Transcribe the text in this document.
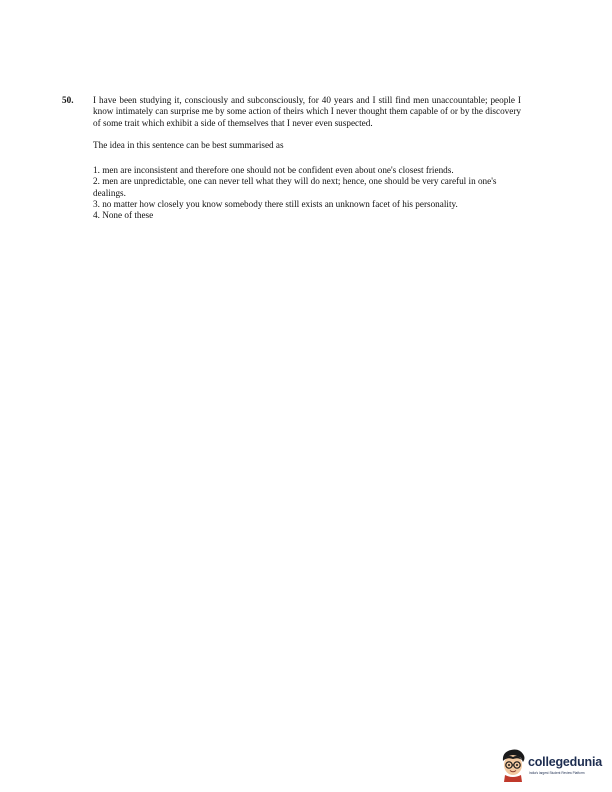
50. I have been studying it, consciously and subconsciously, for 40 years and I still find men unaccountable; people I know intimately can surprise me by some action of theirs which I never thought them capable of or by the discovery of some trait which exhibit a side of themselves that I never even suspected.

The idea in this sentence can be best summarised as

1. men are inconsistent and therefore one should not be confident even about one's closest friends.
2. men are unpredictable, one can never tell what they will do next; hence, one should be very careful in one's dealings.
3. no matter how closely you know somebody there still exists an unknown facet of his personality.
4. None of these
collegedunia
India's largest Student Review Platform
